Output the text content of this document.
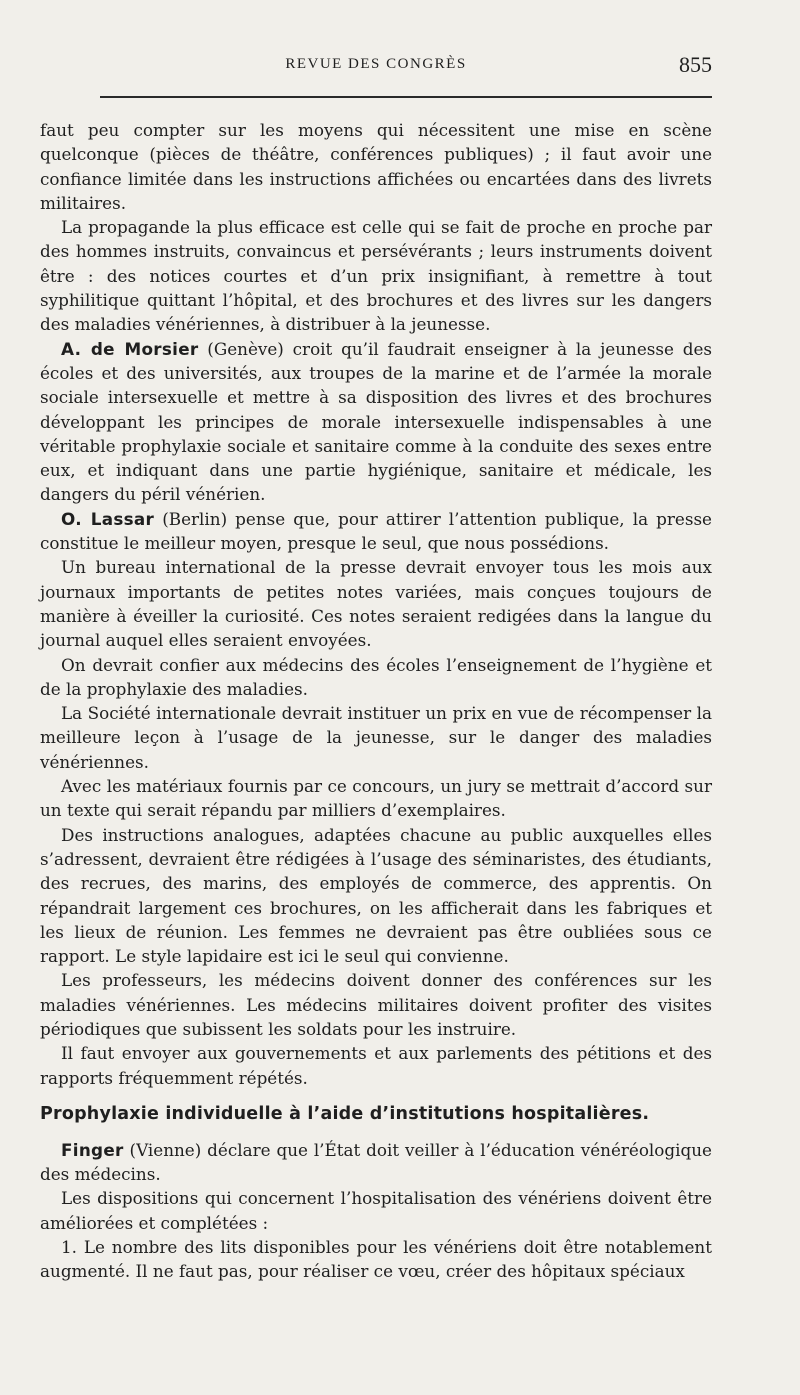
REVUE DES CONGRÈS	855

faut peu compter sur les moyens qui nécessitent une mise en scène quelconque (pièces de théâtre, conférences publiques) ; il faut avoir une confiance limitée dans les instructions affichées ou encartées dans des livrets militaires.

La propagande la plus efficace est celle qui se fait de proche en proche par des hommes instruits, convaincus et persévérants ; leurs instruments doivent être : des notices courtes et d’un prix insignifiant, à remettre à tout syphilitique quittant l’hôpital, et des brochures et des livres sur les dangers des maladies vénériennes, à distribuer à la jeunesse.

A. de Morsier (Genève) croit qu’il faudrait enseigner à la jeunesse des écoles et des universités, aux troupes de la marine et de l’armée la morale sociale intersexuelle et mettre à sa disposition des livres et des brochures développant les principes de morale intersexuelle indispensables à une véritable prophylaxie sociale et sanitaire comme à la conduite des sexes entre eux, et indiquant dans une partie hygiénique, sanitaire et médicale, les dangers du péril vénérien.

O. Lassar (Berlin) pense que, pour attirer l’attention publique, la presse constitue le meilleur moyen, presque le seul, que nous possédions.

Un bureau international de la presse devrait envoyer tous les mois aux journaux importants de petites notes variées, mais conçues toujours de manière à éveiller la curiosité. Ces notes seraient redigées dans la langue du journal auquel elles seraient envoyées.

On devrait confier aux médecins des écoles l’enseignement de l’hygiène et de la prophylaxie des maladies.

La Société internationale devrait instituer un prix en vue de récompenser la meilleure leçon à l’usage de la jeunesse, sur le danger des maladies vénériennes.

Avec les matériaux fournis par ce concours, un jury se mettrait d’accord sur un texte qui serait répandu par milliers d’exemplaires.

Des instructions analogues, adaptées chacune au public auxquelles elles s’adressent, devraient être rédigées à l’usage des séminaristes, des étudiants, des recrues, des marins, des employés de commerce, des apprentis. On répandrait largement ces brochures, on les afficherait dans les fabriques et les lieux de réunion. Les femmes ne devraient pas être oubliées sous ce rapport. Le style lapidaire est ici le seul qui convienne.

Les professeurs, les médecins doivent donner des conférences sur les maladies vénériennes. Les médecins militaires doivent profiter des visites périodiques que subissent les soldats pour les instruire.

Il faut envoyer aux gouvernements et aux parlements des pétitions et des rapports fréquemment répétés.

Prophylaxie individuelle à l’aide d’institutions hospitalières.

Finger (Vienne) déclare que l’État doit veiller à l’éducation vénéréologique des médecins.

Les dispositions qui concernent l’hospitalisation des vénériens doivent être améliorées et complétées :

1. Le nombre des lits disponibles pour les vénériens doit être notablement augmenté. Il ne faut pas, pour réaliser ce vœu, créer des hôpitaux spéciaux
